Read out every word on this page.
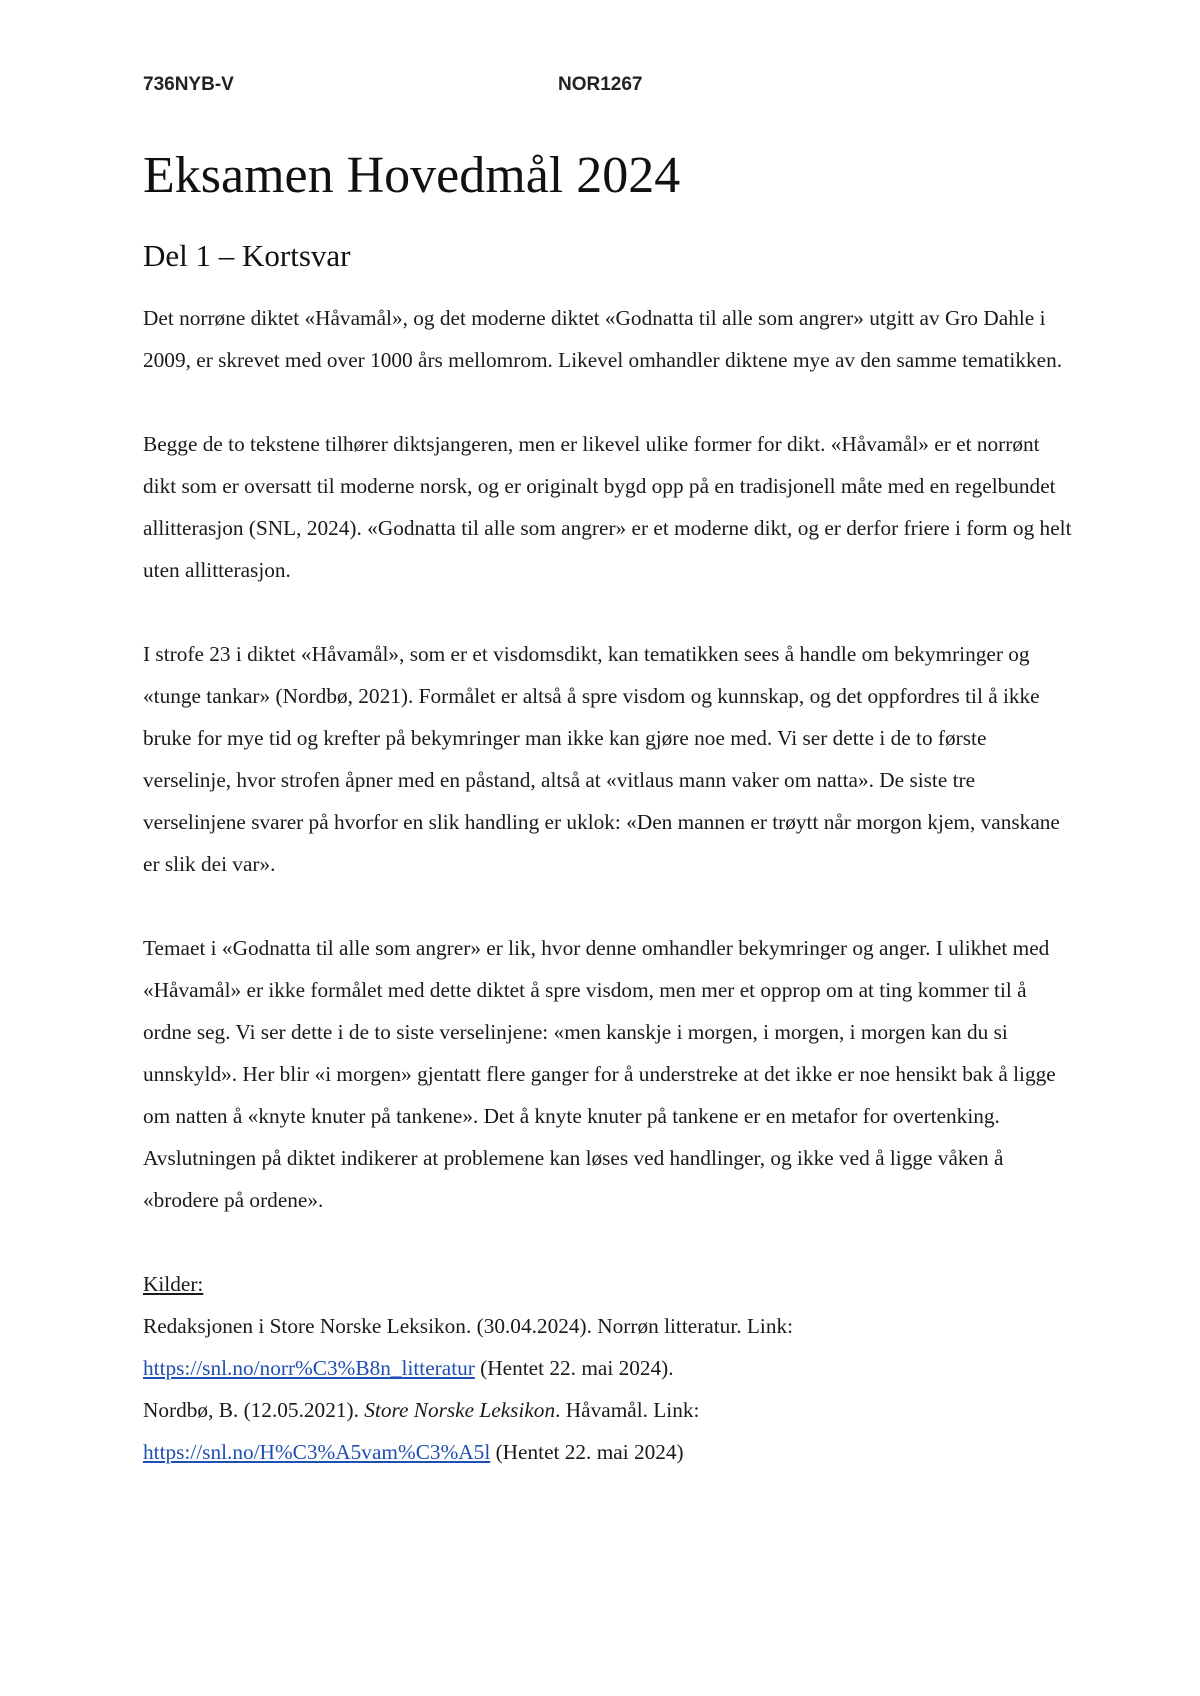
736NYB-V	NOR1267
Eksamen Hovedmål 2024
Del 1 – Kortsvar

Det norrøne diktet «Håvamål», og det moderne diktet «Godnatta til alle som angrer» utgitt av Gro Dahle i 2009, er skrevet med over 1000 års mellomrom. Likevel omhandler diktene mye av den samme tematikken.

Begge de to tekstene tilhører diktsjangeren, men er likevel ulike former for dikt. «Håvamål» er et norrønt dikt som er oversatt til moderne norsk, og er originalt bygd opp på en tradisjonell måte med en regelbundet allitterasjon (SNL, 2024). «Godnatta til alle som angrer» er et moderne dikt, og er derfor friere i form og helt uten allitterasjon.

I strofe 23 i diktet «Håvamål», som er et visdomsdikt, kan tematikken sees å handle om bekymringer og «tunge tankar» (Nordbø, 2021). Formålet er altså å spre visdom og kunnskap, og det oppfordres til å ikke bruke for mye tid og krefter på bekymringer man ikke kan gjøre noe med. Vi ser dette i de to første verselinje, hvor strofen åpner med en påstand, altså at «vitlaus mann vaker om natta». De siste tre verselinjene svarer på hvorfor en slik handling er uklok: «Den mannen er trøytt når morgon kjem, vanskane er slik dei var».

Temaet i «Godnatta til alle som angrer» er lik, hvor denne omhandler bekymringer og anger. I ulikhet med «Håvamål» er ikke formålet med dette diktet å spre visdom, men mer et opprop om at ting kommer til å ordne seg. Vi ser dette i de to siste verselinjene: «men kanskje i morgen, i morgen, i morgen kan du si unnskyld». Her blir «i morgen» gjentatt flere ganger for å understreke at det ikke er noe hensikt bak å ligge om natten å «knyte knuter på tankene». Det å knyte knuter på tankene er en metafor for overtenking. Avslutningen på diktet indikerer at problemene kan løses ved handlinger, og ikke ved å ligge våken å «brodere på ordene».

Kilder:
Redaksjonen i Store Norske Leksikon. (30.04.2024). Norrøn litteratur. Link:
https://snl.no/norr%C3%B8n_litteratur (Hentet 22. mai 2024).
Nordbø, B. (12.05.2021). Store Norske Leksikon. Håvamål. Link:
https://snl.no/H%C3%A5vam%C3%A5l (Hentet 22. mai 2024)
